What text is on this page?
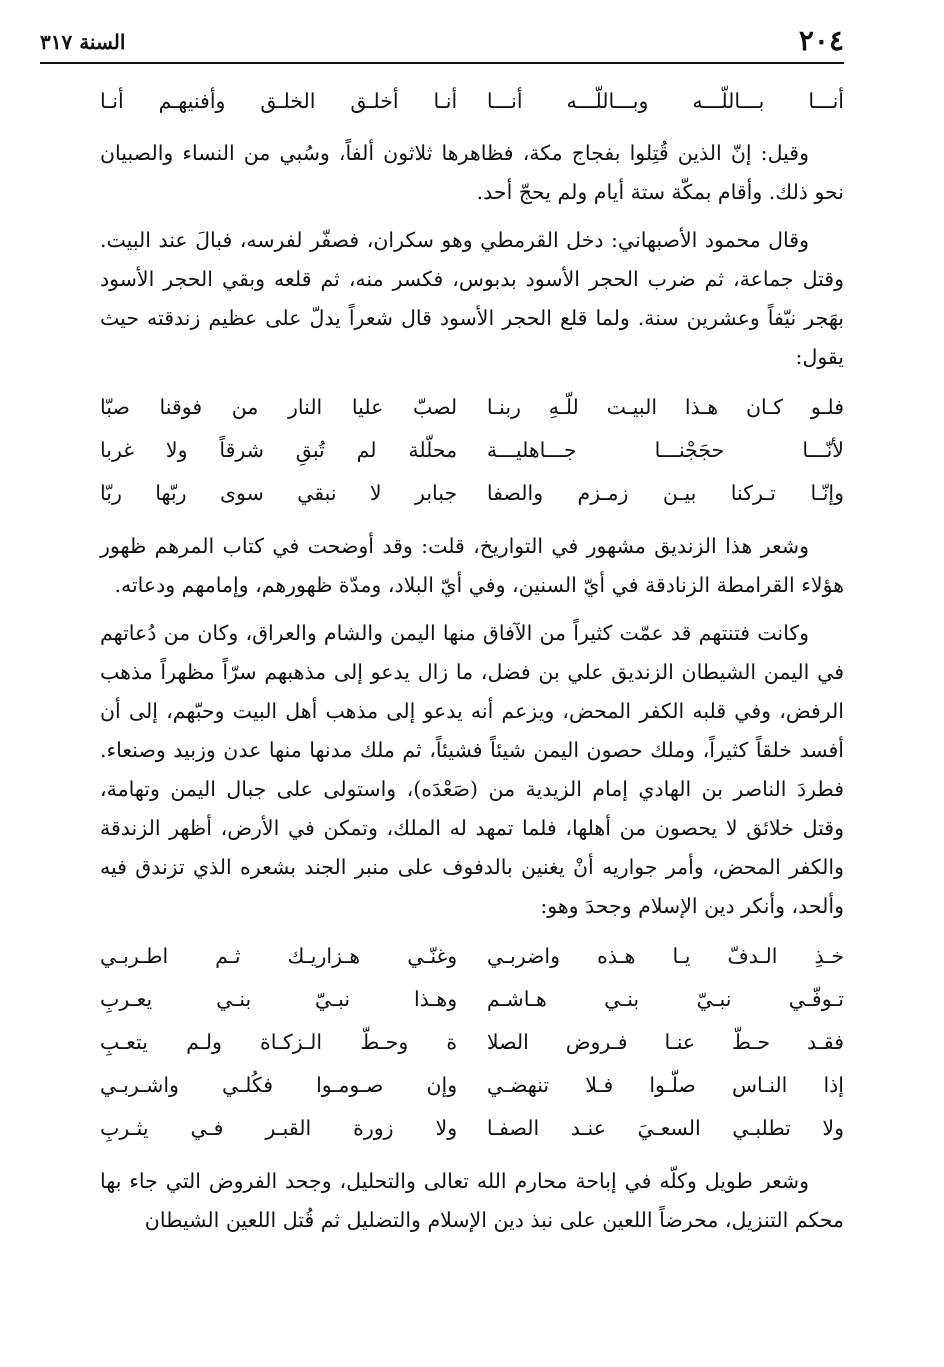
٢٠٤
السنة ٣١٧
أنـــا بـــاللّـــه وبـــاللّـــه أنـــا
أنـا أخلـق الخلـق وأفنيهـم أنـا

وقيل: إنّ الذين قُتِلوا بفجاج مكة، فظاهرها ثلاثون ألفاً، وسُبي من النساء والصبيان نحو ذلك. وأقام بمكّة ستة أيام ولم يحجّ أحد.

وقال محمود الأصبهاني: دخل القرمطي وهو سكران، فصفّر لفرسه، فبالَ عند البيت. وقتل جماعة، ثم ضرب الحجر الأسود بدبوس، فكسر منه، ثم قلعه وبقي الحجر الأسود بهَجر نيّفاً وعشرين سنة. ولما قلع الحجر الأسود قال شعراً يدلّ على عظيم زندقته حيث يقول:

فلـو كـان هـذا البيـت للّـهِ ربنـا
لصبّ عليا النار من فوقنا صبّا
لأنّـــا حجَجْنـــا جـــاهليـــة
محلّلة لم تُبقِ شرقاً ولا غربا
وإنّـا تـركنا بيـن زمـزم والصفا
جبابر لا نبقي سوى ربّها ربّا

وشعر هذا الزنديق مشهور في التواريخ، قلت: وقد أوضحت في كتاب المرهم ظهور هؤلاء القرامطة الزنادقة في أيّ السنين، وفي أيّ البلاد، ومدّة ظهورهم، وإمامهم ودعاته.

وكانت فتنتهم قد عمّت كثيراً من الآفاق منها اليمن والشام والعراق، وكان من دُعاتهم في اليمن الشيطان الزنديق علي بن فضل، ما زال يدعو إلى مذهبهم سرّاً مظهراً مذهب الرفض، وفي قلبه الكفر المحض، ويزعم أنه يدعو إلى مذهب أهل البيت وحبّهم، إلى أن أفسد خلقاً كثيراً، وملك حصون اليمن شيئاً فشيئاً، ثم ملك مدنها منها عدن وزبيد وصنعاء. فطردَ الناصر بن الهادي إمام الزيدية من (صَعْدَه)، واستولى على جبال اليمن وتهامة، وقتل خلائق لا يحصون من أهلها، فلما تمهد له الملك، وتمكن في الأرض، أظهر الزندقة والكفر المحض، وأمر جواريه أنْ يغنين بالدفوف على منبر الجند بشعره الذي تزندق فيه وألحد، وأنكر دين الإسلام وجحدَ وهو:

خـذِ الـدفّ يـا هـذه واضربـي
وغنّـي هـزاريـك ثـم اطـربـي
تـوفّـي نبـيّ بنـي هـاشـم
وهـذا نبـيّ بنـي يعـربِ
فقـد حـطّ عنـا فـروض الصلا
ة وحـطّ الـزكـاة ولـم يتعـبِ
إذا النـاس صلّـوا فـلا تنهضـي
وإن صـومـوا فكُلـي واشـربـي
ولا تطلبـي السعـيَ عنـد الصفـا
ولا زورة القبـر فـي يثـربِ

وشعر طويل وكلّه في إباحة محارم الله تعالى والتحليل، وجحد الفروض التي جاء بها محكم التنزيل، محرضاً اللعين على نبذ دين الإسلام والتضليل ثم قُتل اللعين الشيطان
